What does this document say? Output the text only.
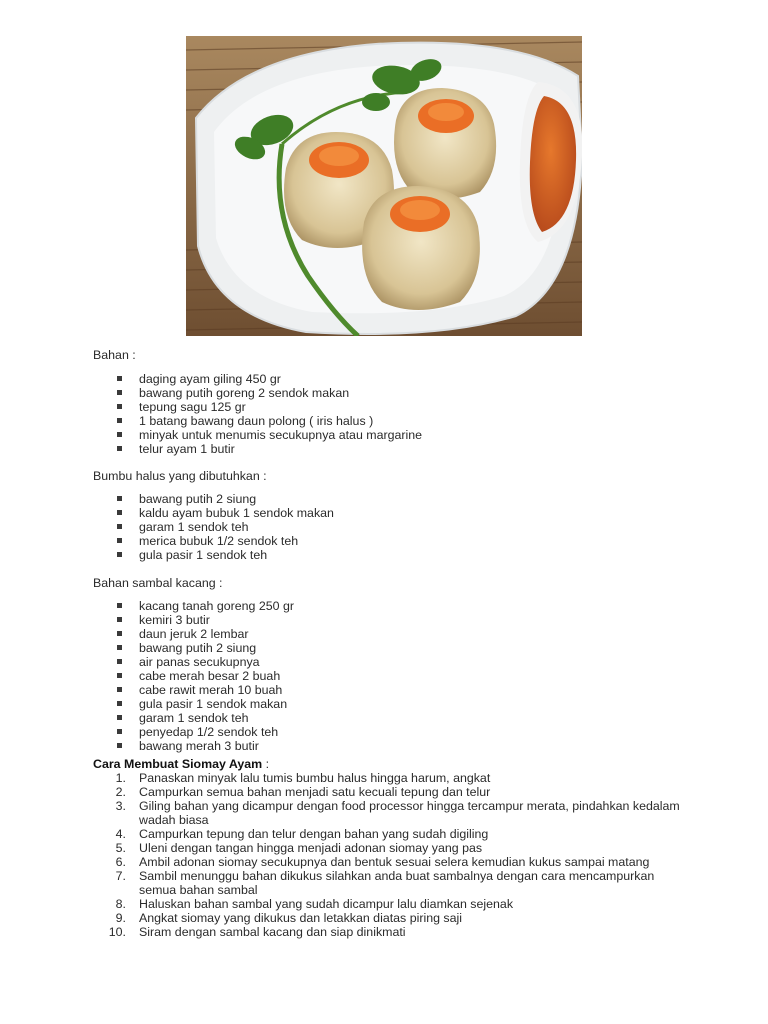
Bahan :
daging ayam giling 450 gr
bawang putih goreng 2 sendok makan
tepung sagu 125 gr
1 batang bawang daun polong ( iris halus )
minyak untuk menumis secukupnya atau margarine
telur ayam 1 butir
Bumbu halus yang dibutuhkan :
bawang putih 2 siung
kaldu ayam bubuk 1 sendok makan
garam 1 sendok teh
merica bubuk 1/2 sendok teh
gula pasir 1 sendok teh
Bahan sambal kacang :
kacang tanah goreng 250 gr
kemiri 3 butir
daun jeruk 2 lembar
bawang putih 2 siung
air panas secukupnya
cabe merah besar 2 buah
cabe rawit merah 10 buah
gula pasir 1 sendok makan
garam 1 sendok teh
penyedap 1/2 sendok teh
bawang merah 3 butir
Cara Membuat Siomay Ayam :
1.	Panaskan minyak lalu tumis bumbu halus hingga harum, angkat
2.	Campurkan semua bahan menjadi satu kecuali tepung dan telur
3.	Giling bahan yang dicampur dengan food processor hingga tercampur merata, pindahkan kedalam wadah biasa
4.	Campurkan tepung dan telur dengan bahan yang sudah digiling
5.	Uleni dengan tangan hingga menjadi adonan siomay yang pas
6.	Ambil adonan siomay secukupnya dan bentuk sesuai selera kemudian kukus sampai matang
7.	Sambil menunggu bahan dikukus silahkan anda buat sambalnya dengan cara mencampurkan semua bahan sambal
8.	Haluskan bahan sambal yang sudah dicampur lalu diamkan sejenak
9.	Angkat siomay yang dikukus dan letakkan diatas piring saji
10.	Siram dengan sambal kacang dan siap dinikmati
